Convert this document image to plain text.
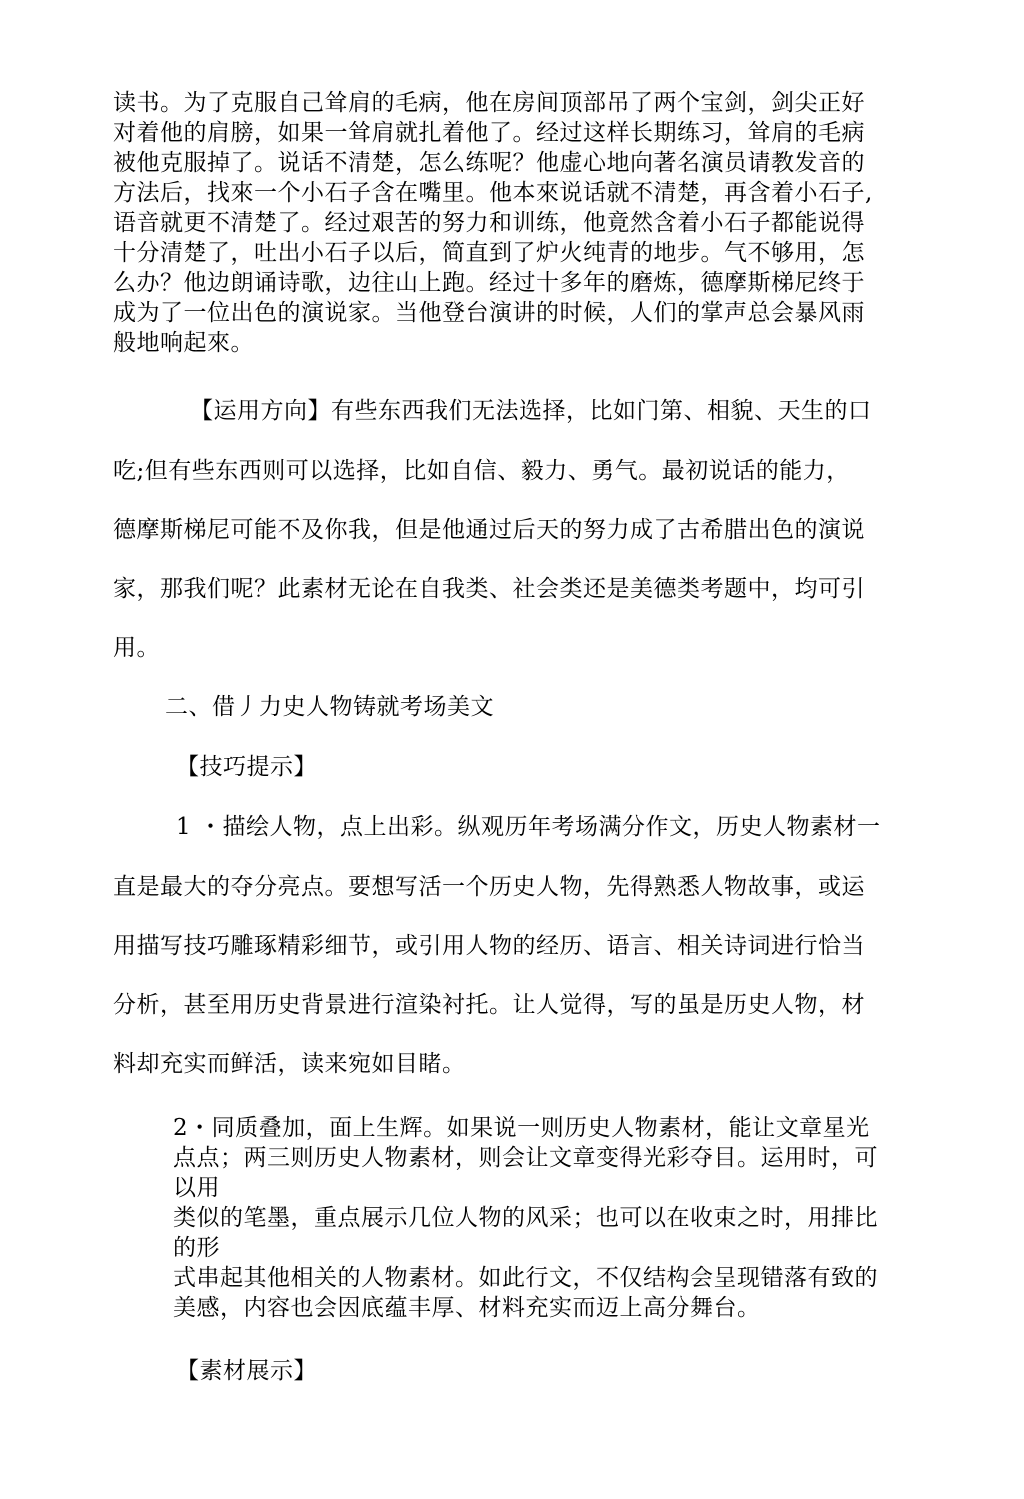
读书。为了克服自己耸肩的毛病，他在房间顶部吊了两个宝剑，剑尖正好
对着他的肩膀，如果一耸肩就扎着他了。经过这样长期练习，耸肩的毛病
被他克服掉了。说话不清楚，怎么练呢？他虚心地向著名演员请教发音的
方法后，找來一个小石子含在嘴里。他本來说话就不清楚，再含着小石子,
语音就更不清楚了。经过艰苦的努力和训练，他竟然含着小石子都能说得
十分清楚了，吐出小石子以后，简直到了炉火纯青的地步。气不够用，怎
么办？他边朗诵诗歌，边往山上跑。经过十多年的磨炼，德摩斯梯尼终于
成为了一位出色的演说家。当他登台演讲的时候，人们的掌声总会暴风雨
般地响起來。
【运用方向】有些东西我们无法选择，比如门第、相貌、天生的口
吃;但有些东西则可以选择，比如自信、毅力、勇气。最初说话的能力，
德摩斯梯尼可能不及你我，但是他通过后天的努力成了古希腊出色的演说
家，那我们呢？此素材无论在自我类、社会类还是美德类考题中，均可引
用。
二、借丿力史人物铸就考场美文
【技巧提示】
1 ・描绘人物，点上出彩。纵观历年考场满分作文，历史人物素材一
直是最大的夺分亮点。要想写活一个历史人物，先得熟悉人物故事，或运
用描写技巧雕琢精彩细节，或引用人物的经历、语言、相关诗词进行恰当
分析，甚至用历史背景进行渲染衬托。让人觉得，写的虽是历史人物，材
料却充实而鲜活，读来宛如目睹。
2・同质叠加，面上生辉。如果说一则历史人物素材，能让文章星光
点点；两三则历史人物素材，则会让文章变得光彩夺目。运用时，可
以用
类似的笔墨，重点展示几位人物的风采；也可以在收束之时，用排比
的形
式串起其他相关的人物素材。如此行文，不仅结构会呈现错落有致的
美感，内容也会因底蕴丰厚、材料充实而迈上高分舞台。
【素材展示】
